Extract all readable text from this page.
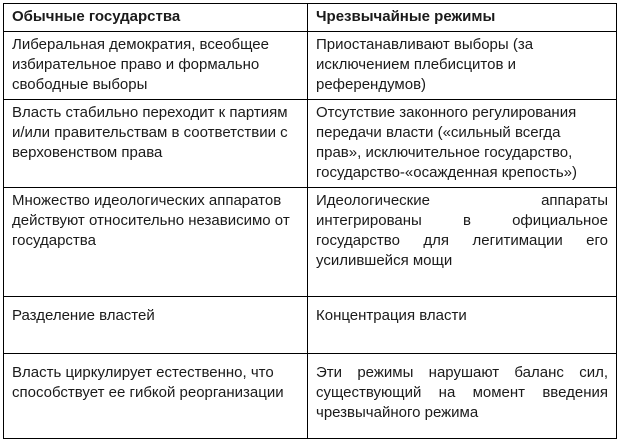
Обычные государства	Чрезвычайные режимы
Либеральная демократия, всеобщее избирательное право и формально свободные выборы	Приостанавливают выборы (за исключением плебисцитов и референдумов)
Власть стабильно переходит к партиям и/или правительствам в соответствии с верховенством права	Отсутствие законного регулирования передачи власти («сильный всегда прав», исключительное государство, государство-«осажденная крепость»)
Множество идеологических аппаратов действуют относительно независимо от государства	Идеологические аппараты интегрированы в официальное государство для легитимации его усилившейся мощи
Разделение властей	Концентрация власти
Власть циркулирует естественно, что способствует ее гибкой реорганизации	Эти режимы нарушают баланс сил, существующий на момент введения чрезвычайного режима
